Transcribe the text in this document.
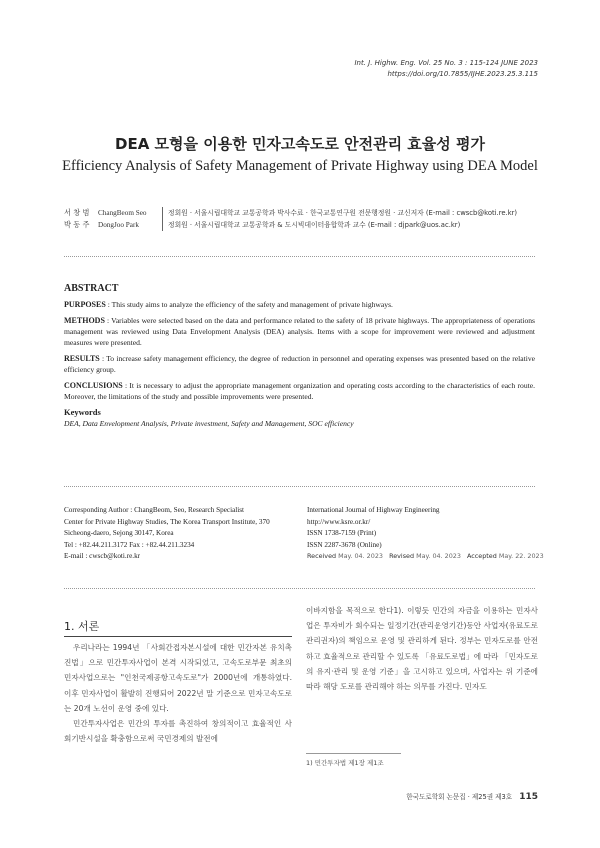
Int. J. Highw. Eng. Vol. 25 No. 3 : 115-124 JUNE 2023
https://doi.org/10.7855/IJHE.2023.25.3.115
DEA 모형을 이용한 민자고속도로 안전관리 효율성 평가
Efficiency Analysis of Safety Management of Private Highway using DEA Model
서 창 범	ChangBeom Seo	정회원 · 서울시립대학교 교통공학과 박사수료 · 한국교통연구원 전문행정원 · 교신저자 (E-mail : cwscb@koti.re.kr)
박 동 주	DongJoo Park	정회원 · 서울시립대학교 교통공학과 & 도시빅데이터융합학과 교수 (E-mail : djpark@uos.ac.kr)
ABSTRACT

PURPOSES : This study aims to analyze the efficiency of the safety and management of private highways.

METHODS : Variables were selected based on the data and performance related to the safety of 18 private highways. The appropriateness of operations management was reviewed using Data Envelopment Analysis (DEA) analysis. Items with a scope for improvement were reviewed and adjustment measures were presented.

RESULTS : To increase safety management efficiency, the degree of reduction in personnel and operating expenses was presented based on the relative efficiency group.

CONCLUSIONS : It is necessary to adjust the appropriate management organization and operating costs according to the characteristics of each route. Moreover, the limitations of the study and possible improvements were presented.

Keywords
DEA, Data Envelopment Analysis, Private investment, Safety and Management, SOC efficiency
Corresponding Author : ChangBeom, Seo, Research Specialist
Center for Private Highway Studies, The Korea Transport Institute, 370
Sicheong-daero, Sejong 30147, Korea
Tel : +82.44.211.3172 Fax : +82.44.211.3234
E-mail : cwscb@koti.re.kr
International Journal of Highway Engineering
http://www.ksre.or.kr/
ISSN 1738-7159 (Print)
ISSN 2287-3678 (Online)
Received May. 04. 2023 Revised May. 04. 2023 Accepted May. 22. 2023
1. 서론

우리나라는 1994년 「사회간접자본시설에 대한 민간자본 유치촉진법」으로 민간투자사업이 본격 시작되었고, 고속도로부문 최초의 민자사업으로는 "인천국제공항고속도로"가 2000년에 개통하였다. 이후 민자사업이 활발히 진행되어 2022년 말 기준으로 민자고속도로는 20개 노선이 운영 중에 있다.

민간투자사업은 민간의 투자를 촉진하여 창의적이고 효율적인 사회기반시설을 확충함으로써 국민경제의 발전에

이바지함을 목적으로 한다1). 이렇듯 민간의 자금을 이용하는 민자사업은 투자비가 회수되는 일정기간(관리운영기간)동안 사업자(유료도로관리권자)의 책임으로 운영 및 관리하게 된다. 정부는 민자도로를 안전하고 효율적으로 관리할 수 있도록 「유료도로법」에 따라 「민자도로의 유지·관리 및 운영 기준」을 고시하고 있으며, 사업자는 위 기준에 따라 해당 도로를 관리해야 하는 의무를 가진다. 민자도

1) 민간투자법 제1장 제1조
한국도로학회 논문집 · 제25권 제3호 115
